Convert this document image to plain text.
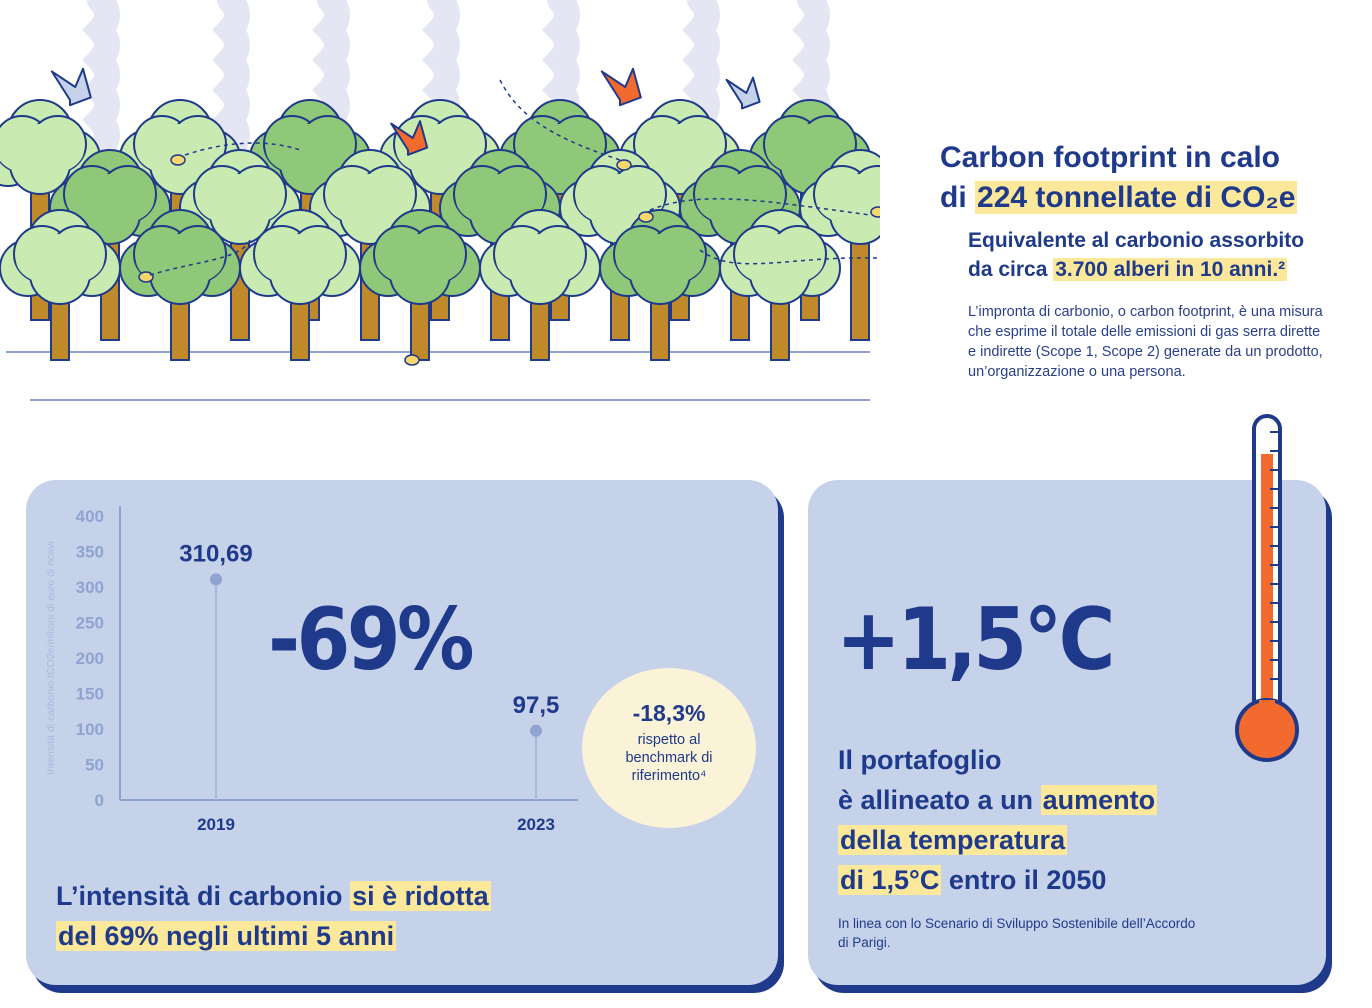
Carbon footprint in calo
di 224 tonnellate di CO₂e
Equivalente al carbonio assorbito
da circa 3.700 alberi in 10 anni.²
L’impronta di carbonio, o carbon footprint, è una misura che esprime il totale delle emissioni di gas serra dirette e indirette (Scope 1, Scope 2) generate da un prodotto, un’organizzazione o una persona.
0
50
100
150
200
250
300
350
400
Intensità di carbonio tCO2e/milioni di euro di ricavi	310,69
2019
97,5
2023
-69%
-18,3%
rispetto al benchmark di riferimento⁴
L’intensità di carbonio si è ridotta
del 69% negli ultimi 5 anni
+1,5°C
Il portafoglio
è allineato a un aumento
della temperatura
di 1,5°C entro il 2050
In linea con lo Scenario di Sviluppo Sostenibile dell’Accordo di Parigi.
